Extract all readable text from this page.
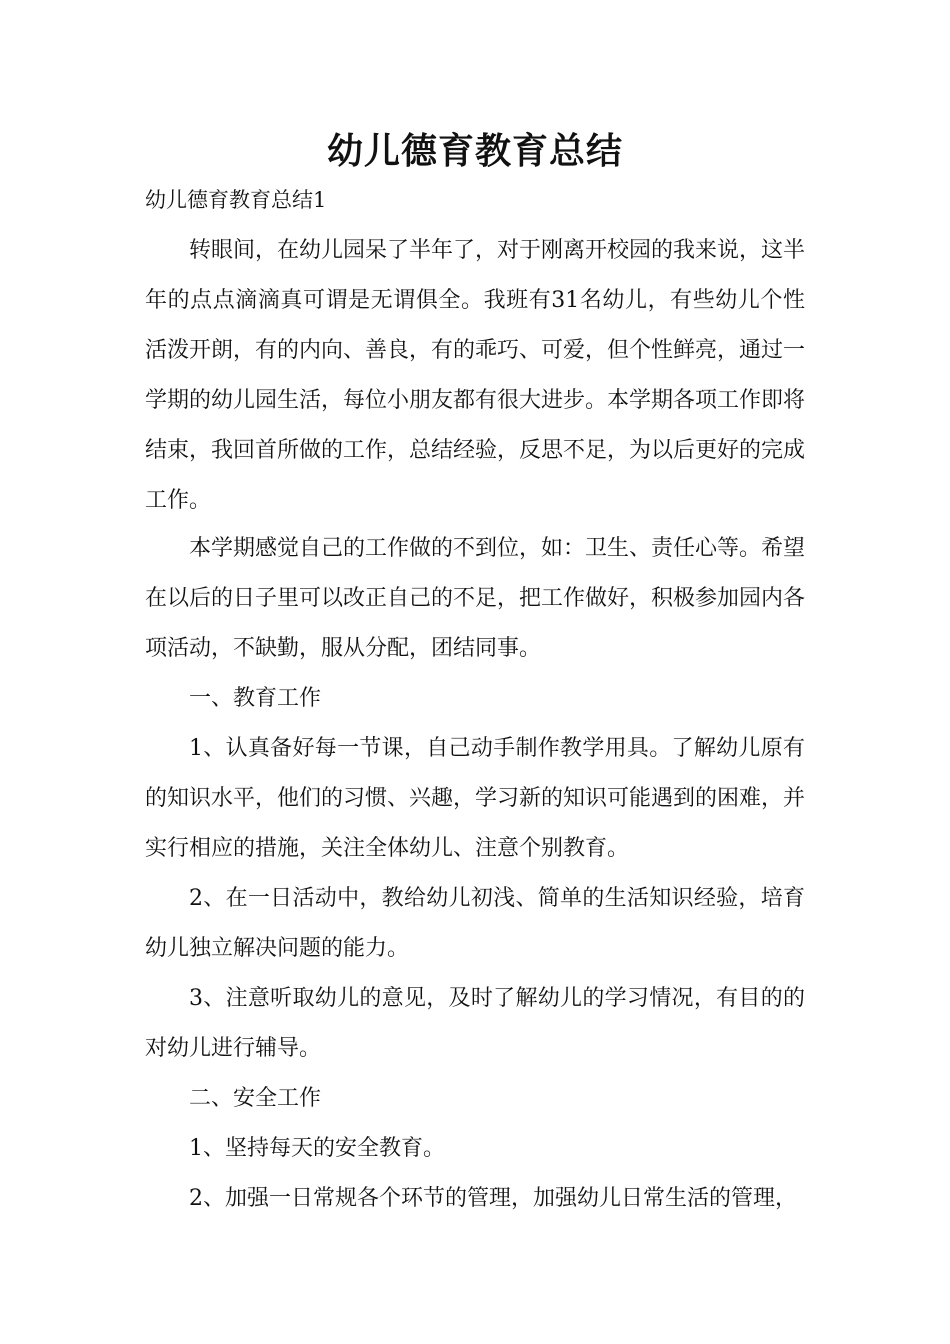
幼儿德育教育总结

幼儿德育教育总结1

转眼间，在幼儿园呆了半年了，对于刚离开校园的我来说，这半年的点点滴滴真可谓是无谓俱全。我班有31名幼儿，有些幼儿个性活泼开朗，有的内向、善良，有的乖巧、可爱，但个性鲜亮，通过一学期的幼儿园生活，每位小朋友都有很大进步。本学期各项工作即将结束，我回首所做的工作，总结经验，反思不足，为以后更好的完成工作。

本学期感觉自己的工作做的不到位，如：卫生、责任心等。希望在以后的日子里可以改正自己的不足，把工作做好，积极参加园内各项活动，不缺勤，服从分配，团结同事。

一、教育工作

1、认真备好每一节课，自己动手制作教学用具。了解幼儿原有的知识水平，他们的习惯、兴趣，学习新的知识可能遇到的困难，并实行相应的措施，关注全体幼儿、注意个别教育。

2、在一日活动中，教给幼儿初浅、简单的生活知识经验，培育幼儿独立解决问题的能力。

3、注意听取幼儿的意见，及时了解幼儿的学习情况，有目的的对幼儿进行辅导。

二、安全工作

1、坚持每天的安全教育。

2、加强一日常规各个环节的管理，加强幼儿日常生活的管理，
